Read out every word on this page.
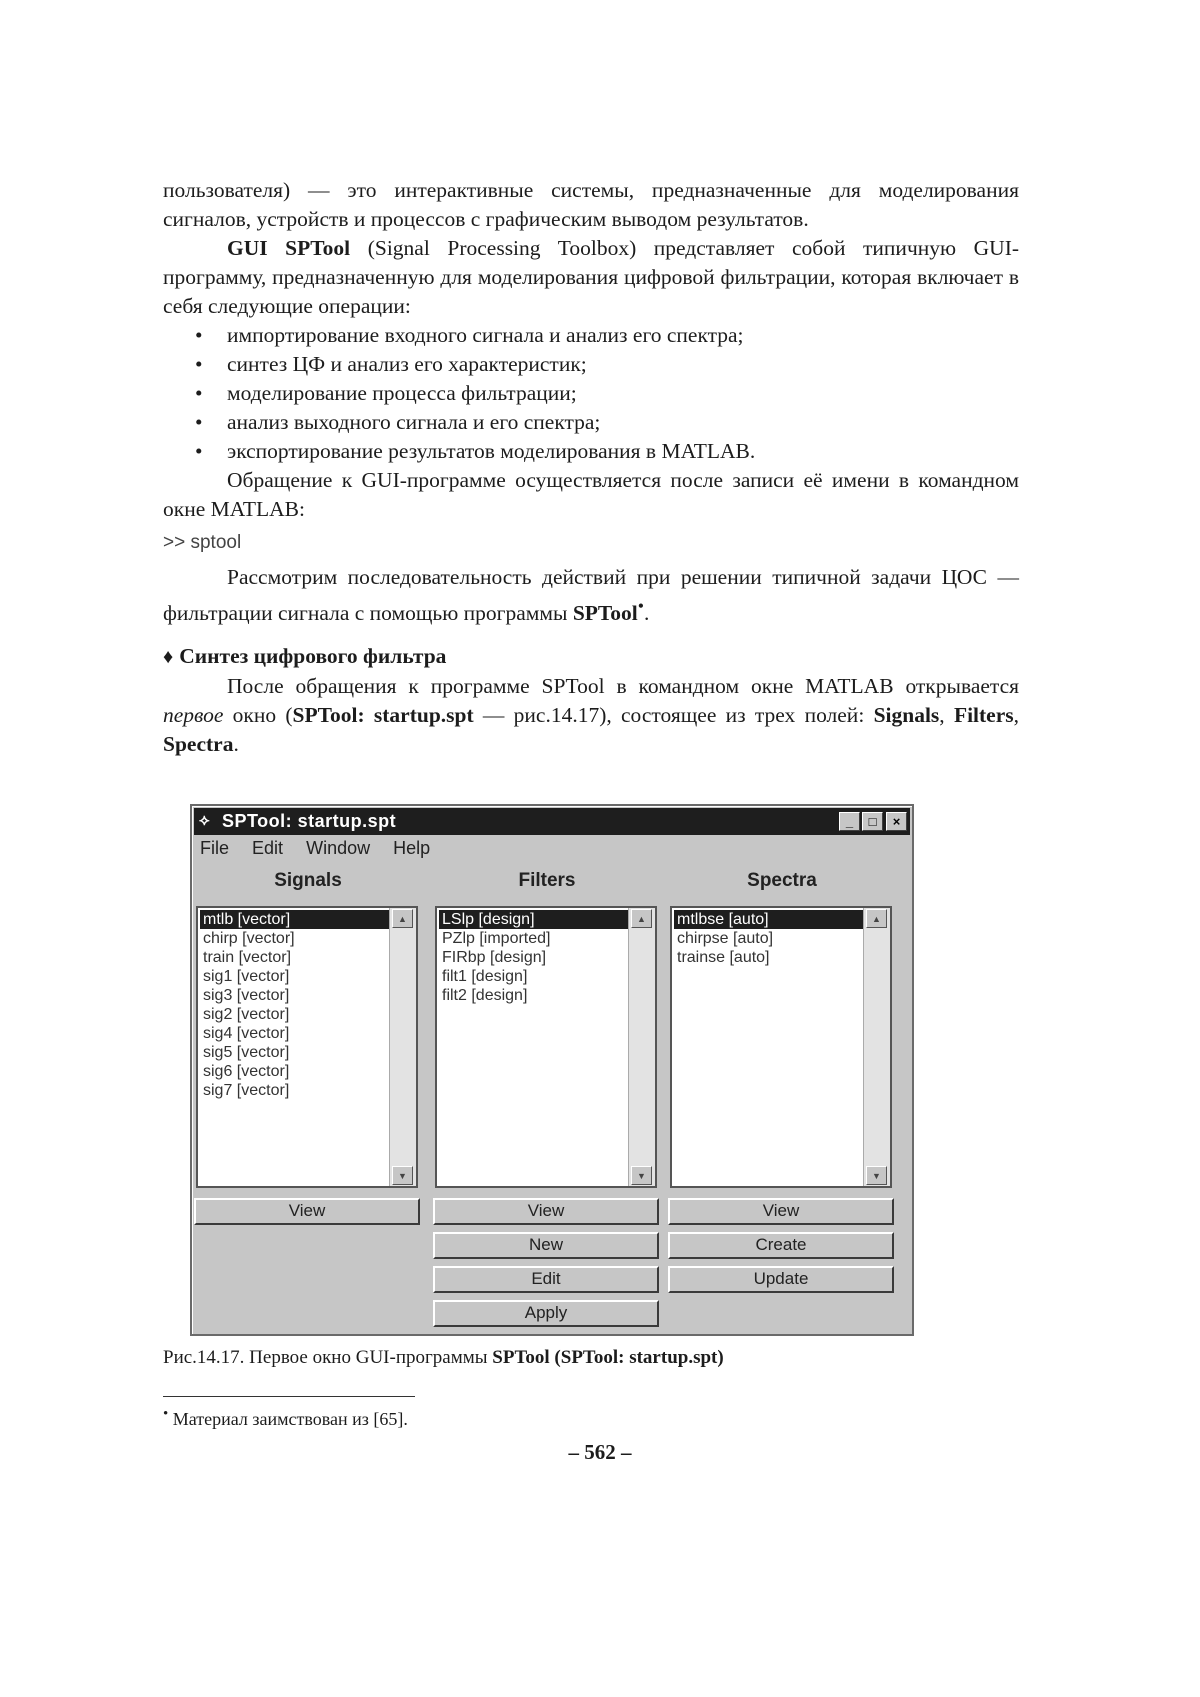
пользователя) — это интерактивные системы, предназначенные для моделирования сигналов, устройств и процессов с графическим выводом результатов.

GUI SPTool (Signal Processing Toolbox) представляет собой типичную GUI-программу, предназначенную для моделирования цифровой фильтрации, которая включает в себя следующие операции:

• импортирование входного сигнала и анализ его спектра;
• синтез ЦФ и анализ его характеристик;
• моделирование процесса фильтрации;
• анализ выходного сигнала и его спектра;
• экспортирование результатов моделирования в MATLAB.

Обращение к GUI-программе осуществляется после записи её имени в командном окне MATLAB:

>> sptool

Рассмотрим последовательность действий при решении типичной задачи ЦОС — фильтрации сигнала с помощью программы SPTool•.

♦ Синтез цифрового фильтра

После обращения к программе SPTool в командном окне MATLAB открывается первое окно (SPTool: startup.spt — рис.14.17), состоящее из трех полей: Signals, Filters, Spectra.

⟡ SPTool: startup.spt	_	□	×
File Edit Window Help
Signals
mtlb [vector]
chirp [vector]
train [vector]
sig1 [vector]
sig3 [vector]
sig2 [vector]
sig4 [vector]
sig5 [vector]
sig6 [vector]
sig7 [vector]
▲
▼
View
Filters
LSlp [design]
PZlp [imported]
FIRbp [design]
filt1 [design]
filt2 [design]
▲
▼
View
New
Edit
Apply
Spectra
mtlbse [auto]
chirpse [auto]
trainse [auto]
▲
▼
View
Create
Update
Рис.14.17. Первое окно GUI-программы SPTool (SPTool: startup.spt)
• Материал заимствован из [65].
– 562 –
